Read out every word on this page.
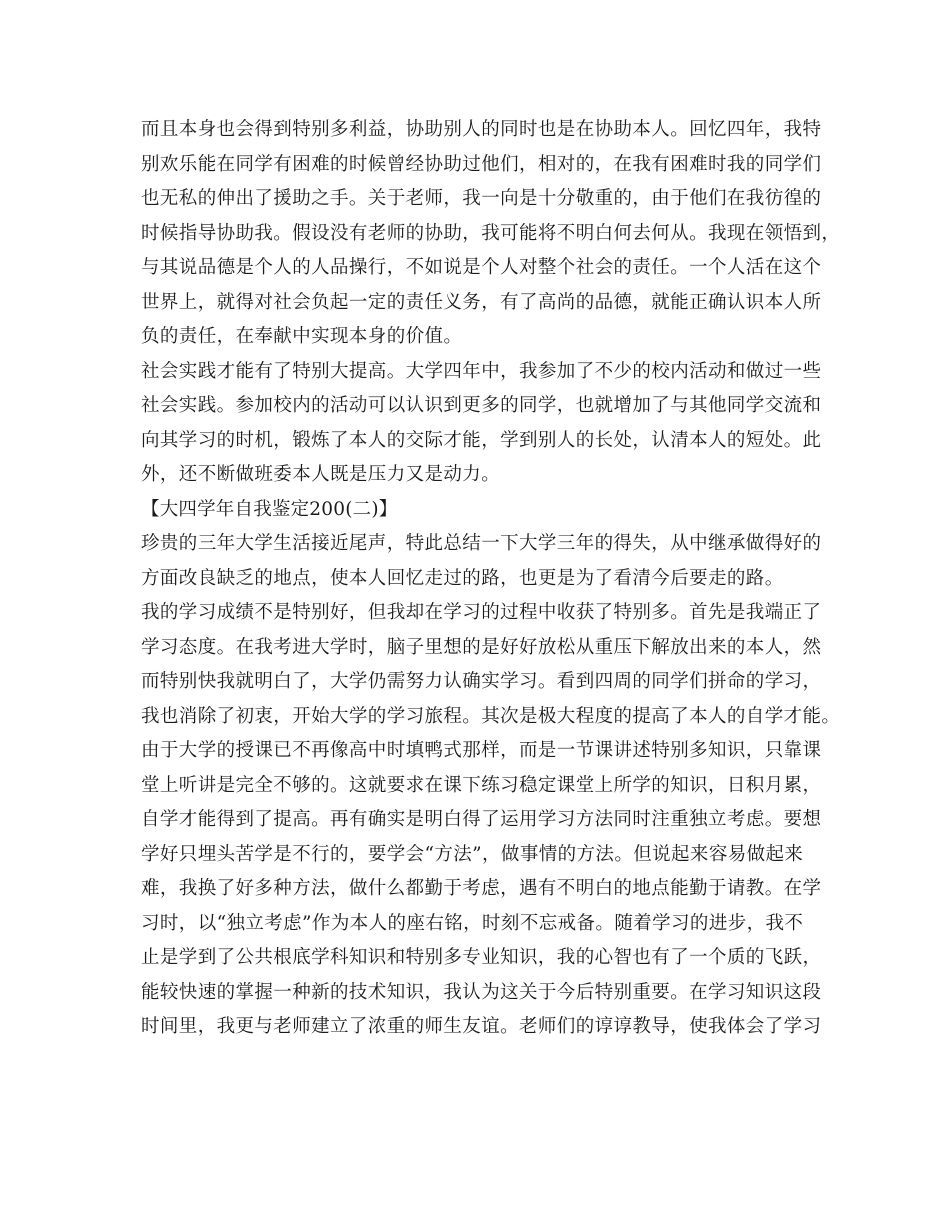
而且本身也会得到特别多利益，协助别人的同时也是在协助本人。回忆四年，我特
别欢乐能在同学有困难的时候曾经协助过他们，相对的，在我有困难时我的同学们
也无私的伸出了援助之手。关于老师，我一向是十分敬重的，由于他们在我彷徨的
时候指导协助我。假设没有老师的协助，我可能将不明白何去何从。我现在领悟到，
与其说品德是个人的人品操行，不如说是个人对整个社会的责任。一个人活在这个
世界上，就得对社会负起一定的责任义务，有了高尚的品德，就能正确认识本人所
负的责任，在奉献中实现本身的价值。
社会实践才能有了特别大提高。大学四年中，我参加了不少的校内活动和做过一些
社会实践。参加校内的活动可以认识到更多的同学，也就增加了与其他同学交流和
向其学习的时机，锻炼了本人的交际才能，学到别人的长处，认清本人的短处。此
外，还不断做班委本人既是压力又是动力。
【大四学年自我鉴定200(二)】
珍贵的三年大学生活接近尾声，特此总结一下大学三年的得失，从中继承做得好的
方面改良缺乏的地点，使本人回忆走过的路，也更是为了看清今后要走的路。
我的学习成绩不是特别好，但我却在学习的过程中收获了特别多。首先是我端正了
学习态度。在我考进大学时，脑子里想的是好好放松从重压下解放出来的本人，然
而特别快我就明白了，大学仍需努力认确实学习。看到四周的同学们拼命的学习，
我也消除了初衷，开始大学的学习旅程。其次是极大程度的提高了本人的自学才能。
由于大学的授课已不再像高中时填鸭式那样，而是一节课讲述特别多知识，只靠课
堂上听讲是完全不够的。这就要求在课下练习稳定课堂上所学的知识，日积月累，
自学才能得到了提高。再有确实是明白得了运用学习方法同时注重独立考虑。要想
学好只埋头苦学是不行的，要学会“方法”，做事情的方法。但说起来容易做起来
难，我换了好多种方法，做什么都勤于考虑，遇有不明白的地点能勤于请教。在学
习时，以“独立考虑”作为本人的座右铭，时刻不忘戒备。随着学习的进步，我不
止是学到了公共根底学科知识和特别多专业知识，我的心智也有了一个质的飞跃，
能较快速的掌握一种新的技术知识，我认为这关于今后特别重要。在学习知识这段
时间里，我更与老师建立了浓重的师生友谊。老师们的谆谆教导，使我体会了学习
